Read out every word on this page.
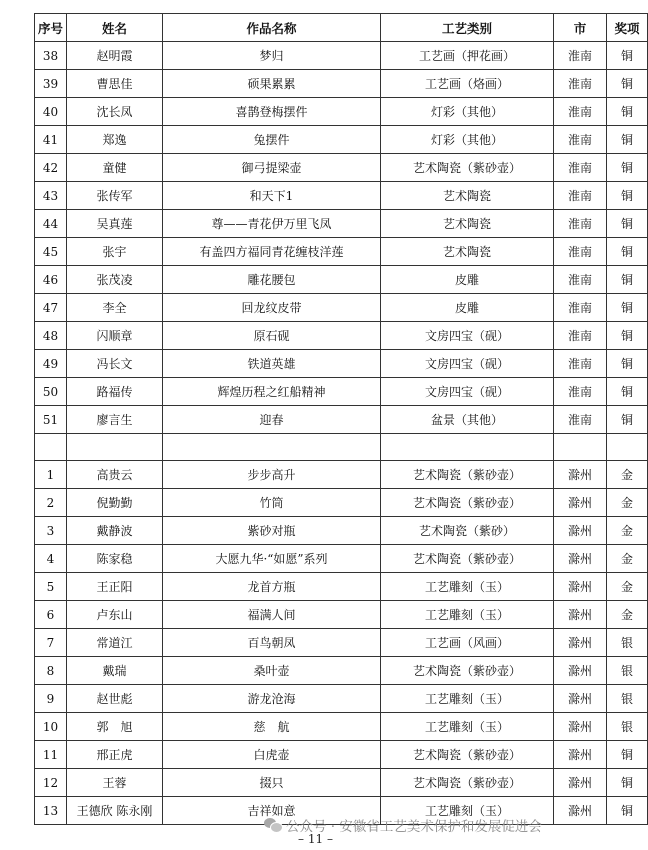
序号	姓名	作品名称	工艺类别	市	奖项
38	赵明霞	梦归	工艺画（押花画）	淮南	铜
39	曹思佳	硕果累累	工艺画（烙画）	淮南	铜
40	沈长凤	喜鹊登梅摆件	灯彩（其他）	淮南	铜
41	郑逸	兔摆件	灯彩（其他）	淮南	铜
42	童健	御弓提梁壶	艺术陶瓷（紫砂壶）	淮南	铜
43	张传军	和天下1	艺术陶瓷	淮南	铜
44	吴真莲	尊——青花伊万里飞凤	艺术陶瓷	淮南	铜
45	张宇	有盖四方福同青花缠枝洋莲	艺术陶瓷	淮南	铜
46	张茂凌	雕花腰包	皮雕	淮南	铜
47	李全	回龙纹皮带	皮雕	淮南	铜
48	闪顺章	原石砚	文房四宝（砚）	淮南	铜
49	冯长文	铁道英雄	文房四宝（砚）	淮南	铜
50	路福传	辉煌历程之红船精神	文房四宝（砚）	淮南	铜
51	廖言生	迎春	盆景（其他）	淮南	铜

1	高贵云	步步高升	艺术陶瓷（紫砂壶）	滁州	金
2	倪勤勤	竹筒	艺术陶瓷（紫砂壶）	滁州	金
3	戴静波	紫砂对瓶	艺术陶瓷（紫砂）	滁州	金
4	陈家稳	大愿九华·“如愿”系列	艺术陶瓷（紫砂壶）	滁州	金
5	王正阳	龙首方瓶	工艺雕刻（玉）	滁州	金
6	卢东山	福满人间	工艺雕刻（玉）	滁州	金
7	常道江	百鸟朝凤	工艺画（风画）	滁州	银
8	戴瑞	桑叶壶	艺术陶瓷（紫砂壶）	滁州	银
9	赵世彪	游龙沧海	工艺雕刻（玉）	滁州	银
10	郭　旭	慈　航	工艺雕刻（玉）	滁州	银
11	邢正虎	白虎壶	艺术陶瓷（紫砂壶）	滁州	铜
12	王蓉	掇只	艺术陶瓷（紫砂壶）	滁州	铜
13	王德欣 陈永刚	吉祥如意	工艺雕刻（玉）	滁州	铜
公众号 · 安徽省工艺美术保护和发展促进会
– 11 –
